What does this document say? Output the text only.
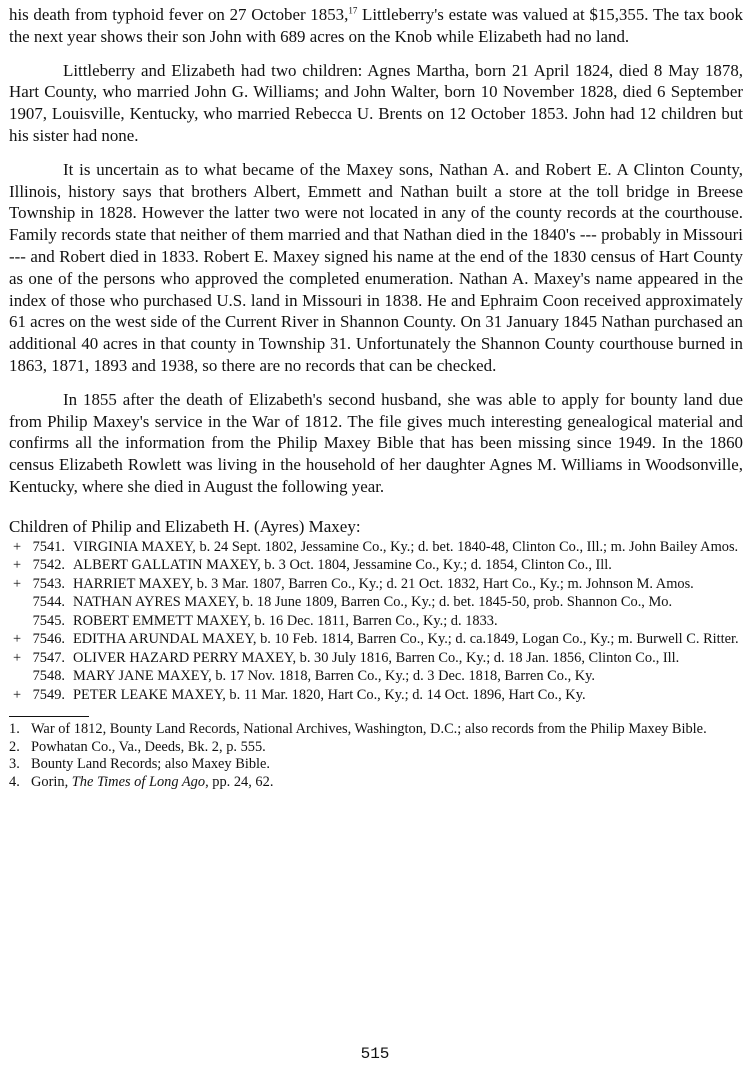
his death from typhoid fever on 27 October 1853,17 Littleberry's estate was valued at $15,355. The tax book the next year shows their son John with 689 acres on the Knob while Elizabeth had no land.

Littleberry and Elizabeth had two children: Agnes Martha, born 21 April 1824, died 8 May 1878, Hart County, who married John G. Williams; and John Walter, born 10 November 1828, died 6 September 1907, Louisville, Kentucky, who married Rebecca U. Brents on 12 October 1853. John had 12 children but his sister had none.

It is uncertain as to what became of the Maxey sons, Nathan A. and Robert E. A Clinton County, Illinois, history says that brothers Albert, Emmett and Nathan built a store at the toll bridge in Breese Township in 1828. However the latter two were not located in any of the county records at the courthouse. Family records state that neither of them married and that Nathan died in the 1840's --- probably in Missouri --- and Robert died in 1833. Robert E. Maxey signed his name at the end of the 1830 census of Hart County as one of the persons who approved the completed enumeration. Nathan A. Maxey's name appeared in the index of those who purchased U.S. land in Missouri in 1838. He and Ephraim Coon received approximately 61 acres on the west side of the Current River in Shannon County. On 31 January 1845 Nathan purchased an additional 40 acres in that county in Township 31. Unfortunately the Shannon County courthouse burned in 1863, 1871, 1893 and 1938, so there are no records that can be checked.

In 1855 after the death of Elizabeth's second husband, she was able to apply for bounty land due from Philip Maxey's service in the War of 1812. The file gives much interesting genealogical material and confirms all the information from the Philip Maxey Bible that has been missing since 1949. In the 1860 census Elizabeth Rowlett was living in the household of her daughter Agnes M. Williams in Woodsonville, Kentucky, where she died in August the following year.

Children of Philip and Elizabeth H. (Ayres) Maxey:
+ 7541. VIRGINIA MAXEY, b. 24 Sept. 1802, Jessamine Co., Ky.; d. bet. 1840-48, Clinton Co., Ill.; m. John Bailey Amos.
+ 7542. ALBERT GALLATIN MAXEY, b. 3 Oct. 1804, Jessamine Co., Ky.; d. 1854, Clinton Co., Ill.
+ 7543. HARRIET MAXEY, b. 3 Mar. 1807, Barren Co., Ky.; d. 21 Oct. 1832, Hart Co., Ky.; m. Johnson M. Amos.
7544. NATHAN AYRES MAXEY, b. 18 June 1809, Barren Co., Ky.; d. bet. 1845-50, prob. Shannon Co., Mo.
7545. ROBERT EMMETT MAXEY, b. 16 Dec. 1811, Barren Co., Ky.; d. 1833.
+ 7546. EDITHA ARUNDAL MAXEY, b. 10 Feb. 1814, Barren Co., Ky.; d. ca.1849, Logan Co., Ky.; m. Burwell C. Ritter.
+ 7547. OLIVER HAZARD PERRY MAXEY, b. 30 July 1816, Barren Co., Ky.; d. 18 Jan. 1856, Clinton Co., Ill.
7548. MARY JANE MAXEY, b. 17 Nov. 1818, Barren Co., Ky.; d. 3 Dec. 1818, Barren Co., Ky.
+ 7549. PETER LEAKE MAXEY, b. 11 Mar. 1820, Hart Co., Ky.; d. 14 Oct. 1896, Hart Co., Ky.
1. War of 1812, Bounty Land Records, National Archives, Washington, D.C.; also records from the Philip Maxey Bible.
2. Powhatan Co., Va., Deeds, Bk. 2, p. 555.
3. Bounty Land Records; also Maxey Bible.
4. Gorin, The Times of Long Ago, pp. 24, 62.
515
